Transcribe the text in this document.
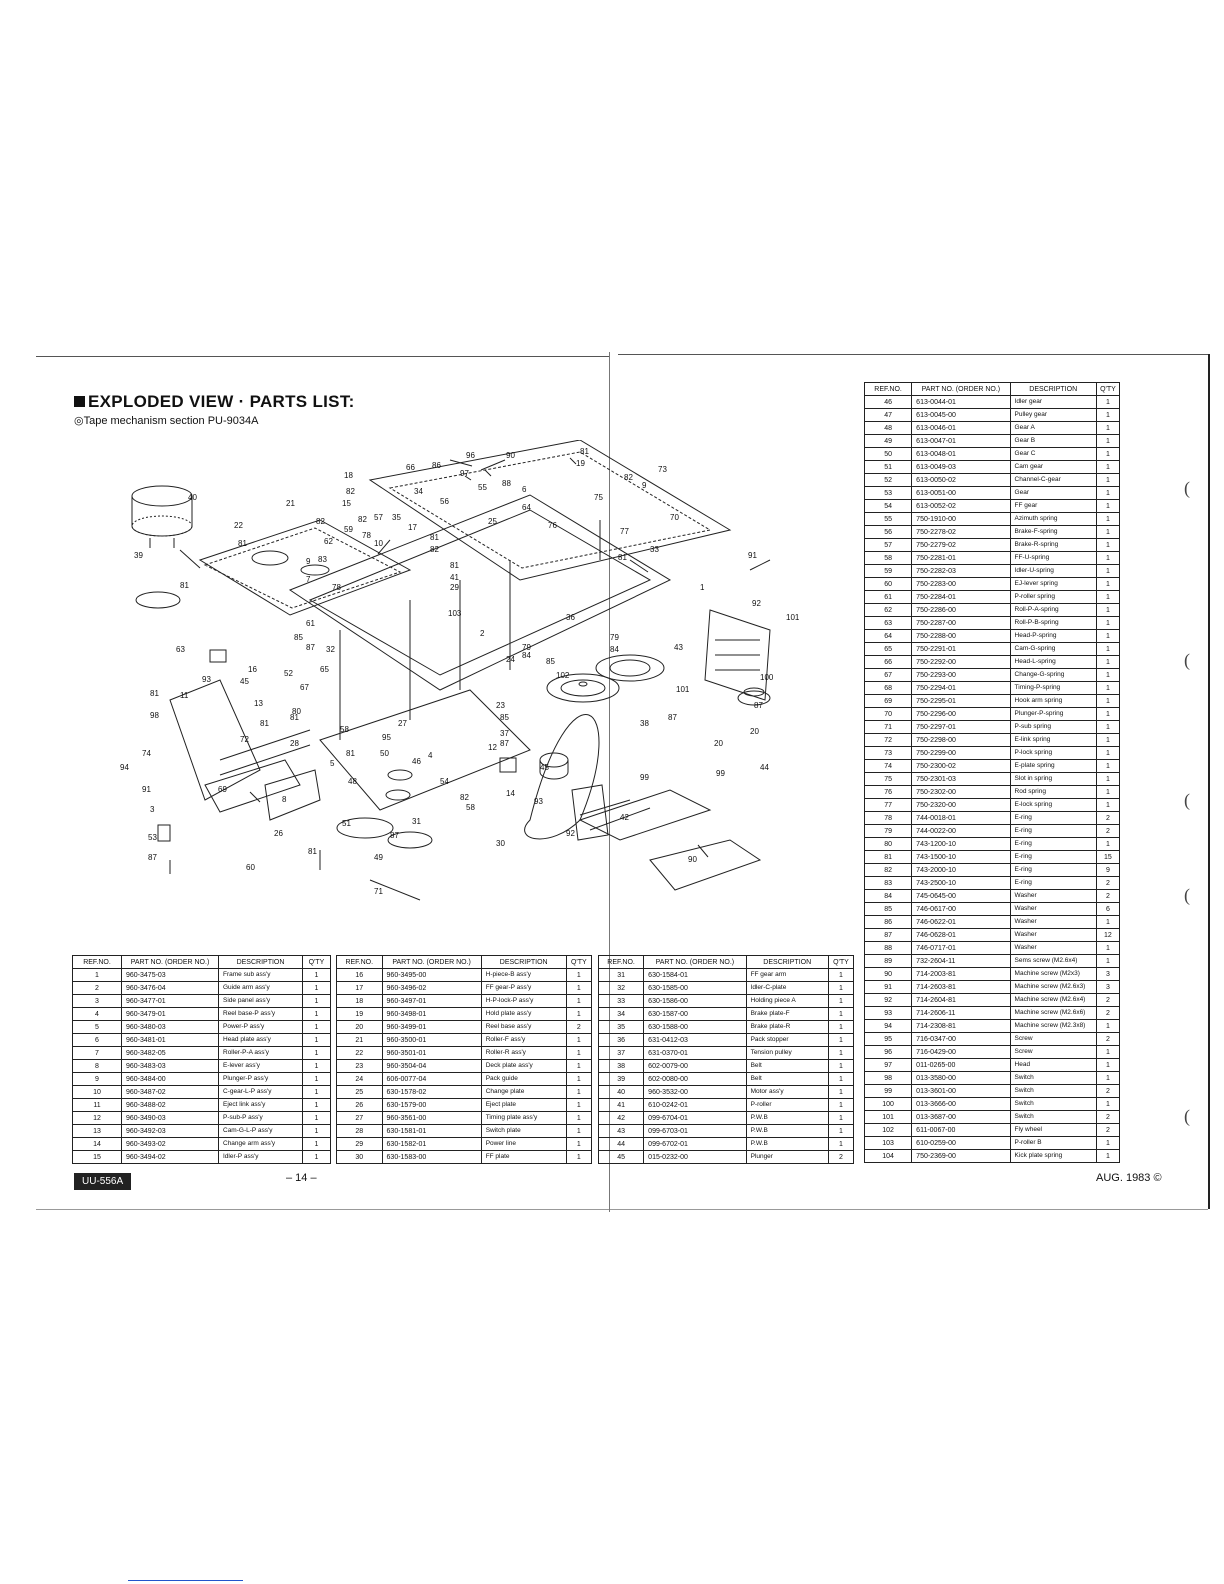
(
(
(
(
(
EXPLODED VIEW · PARTS LIST:
◎Tape mechanism section PU-9034A
40
39
22
21
81
81
63
93	45
16	52
13
80
81
28
81
98
94
74
91
3
53
87
60
26
81
8
11
72
69
18
82
15
66 86
34
82
59
82
78
10
62
83
7
78
35
17
57
96	90
97
88
55	6
64
56
25	76
75
77
73
82
9
70
81
19
33
81	91
81
82
81
41
29
103	36
1
92
101
61
87
85
32
65
67
58
81
5
48
51
49
87
31
27
95
50
46
4
54
82
30
58
2
23
85
37
87
12
24
79
84
85
102
79
84	43
101
100
87
20
99
44
38
87
20
45
93
14
99
42
92
90
71
81
9
REF.NO.	PART NO. (ORDER NO.)	DESCRIPTION	Q'TY
1	960-3475-03	Frame sub ass'y	1
2	960-3476-04	Guide arm ass'y	1
3	960-3477-01	Side panel ass'y	1
4	960-3479-01	Reel base-P ass'y	1
5	960-3480-03	Power-P ass'y	1
6	960-3481-01	Head plate ass'y	1
7	960-3482-05	Roller-P-A ass'y	1
8	960-3483-03	E-lever ass'y	1
9	960-3484-00	Plunger-P ass'y	1
10	960-3487-02	C-gear-L-P ass'y	1
11	960-3488-02	Eject link ass'y	1
12	960-3490-03	P-sub-P ass'y	1
13	960-3492-03	Cam-G-L-P ass'y	1
14	960-3493-02	Change arm ass'y	1
15	960-3494-02	Idler-P ass'y	1
REF.NO.	PART NO. (ORDER NO.)	DESCRIPTION	Q'TY
16	960-3495-00	H-piece-B ass'y	1
17	960-3496-02	FF gear-P ass'y	1
18	960-3497-01	H-P-lock-P ass'y	1
19	960-3498-01	Hold plate ass'y	1
20	960-3499-01	Reel base ass'y	2
21	960-3500-01	Roller-F ass'y	1
22	960-3501-01	Roller-R ass'y	1
23	960-3504-04	Deck plate ass'y	1
24	606-0077-04	Pack guide	1
25	630-1578-02	Change plate	1
26	630-1579-00	Eject plate	1
27	960-3561-00	Timing plate ass'y	1
28	630-1581-01	Switch plate	1
29	630-1582-01	Power line	1
30	630-1583-00	FF plate	1
REF.NO.	PART NO. (ORDER NO.)	DESCRIPTION	Q'TY
31	630-1584-01	FF gear arm	1
32	630-1585-00	Idler-C-plate	1
33	630-1586-00	Holding piece A	1
34	630-1587-00	Brake plate-F	1
35	630-1588-00	Brake plate-R	1
36	631-0412-03	Pack stopper	1
37	631-0370-01	Tension pulley	1
38	602-0079-00	Belt	1
39	602-0080-00	Belt	1
40	960-3532-00	Motor ass'y	1
41	610-0242-01	P-roller	1
42	099-6704-01	P.W.B	1
43	099-6703-01	P.W.B	1
44	099-6702-01	P.W.B	1
45	015-0232-00	Plunger	2
REF.NO.	PART NO. (ORDER NO.)	DESCRIPTION	Q'TY
46	613-0044-01	Idler gear	1
47	613-0045-00	Pulley gear	1
48	613-0046-01	Gear A	1
49	613-0047-01	Gear B	1
50	613-0048-01	Gear C	1
51	613-0049-03	Cam gear	1
52	613-0050-02	Channel-C-gear	1
53	613-0051-00	Gear	1
54	613-0052-02	FF gear	1
55	750-1910-00	Azimuth spring	1
56	750-2278-02	Brake-F-spring	1
57	750-2279-02	Brake-R-spring	1
58	750-2281-01	FF-U-spring	1
59	750-2282-03	Idler-U-spring	1
60	750-2283-00	EJ-lever spring	1
61	750-2284-01	P-roller spring	1
62	750-2286-00	Roll-P-A-spring	1
63	750-2287-00	Roll-P-B-spring	1
64	750-2288-00	Head-P-spring	1
65	750-2291-01	Cam-G-spring	1
66	750-2292-00	Head-L-spring	1
67	750-2293-00	Change-G-spring	1
68	750-2294-01	Timing-P-spring	1
69	750-2295-01	Hook arm spring	1
70	750-2296-00	Plunger-P-spring	1
71	750-2297-01	P-sub spring	1
72	750-2298-00	E-link spring	1
73	750-2299-00	P-lock spring	1
74	750-2300-02	E-plate spring	1
75	750-2301-03	Slot in spring	1
76	750-2302-00	Rod spring	1
77	750-2320-00	E-lock spring	1
78	744-0018-01	E-ring	2
79	744-0022-00	E-ring	2
80	743-1200-10	E-ring	1
81	743-1500-10	E-ring	15
82	743-2000-10	E-ring	9
83	743-2500-10	E-ring	2
84	745-0645-00	Washer	2
85	746-0617-00	Washer	6
86	746-0622-01	Washer	1
87	746-0628-01	Washer	12
88	746-0717-01	Washer	1
89	732-2604-11	Sems screw (M2.6x4)	1
90	714-2003-81	Machine screw (M2x3)	3
91	714-2603-81	Machine screw (M2.6x3)	3
92	714-2604-81	Machine screw (M2.6x4)	2
93	714-2606-11	Machine screw (M2.6x6)	2
94	714-2308-81	Machine screw (M2.3x8)	1
95	716-0347-00	Screw	2
96	716-0429-00	Screw	1
97	011-0265-00	Head	1
98	013-3580-00	Switch	1
99	013-3601-00	Switch	2
100	013-3666-00	Switch	1
101	013-3687-00	Switch	2
102	611-0067-00	Fly wheel	2
103	610-0259-00	P-roller B	1
104	750-2369-00	Kick plate spring	1
UU-556A	– 14 –	AUG. 1983 ©
